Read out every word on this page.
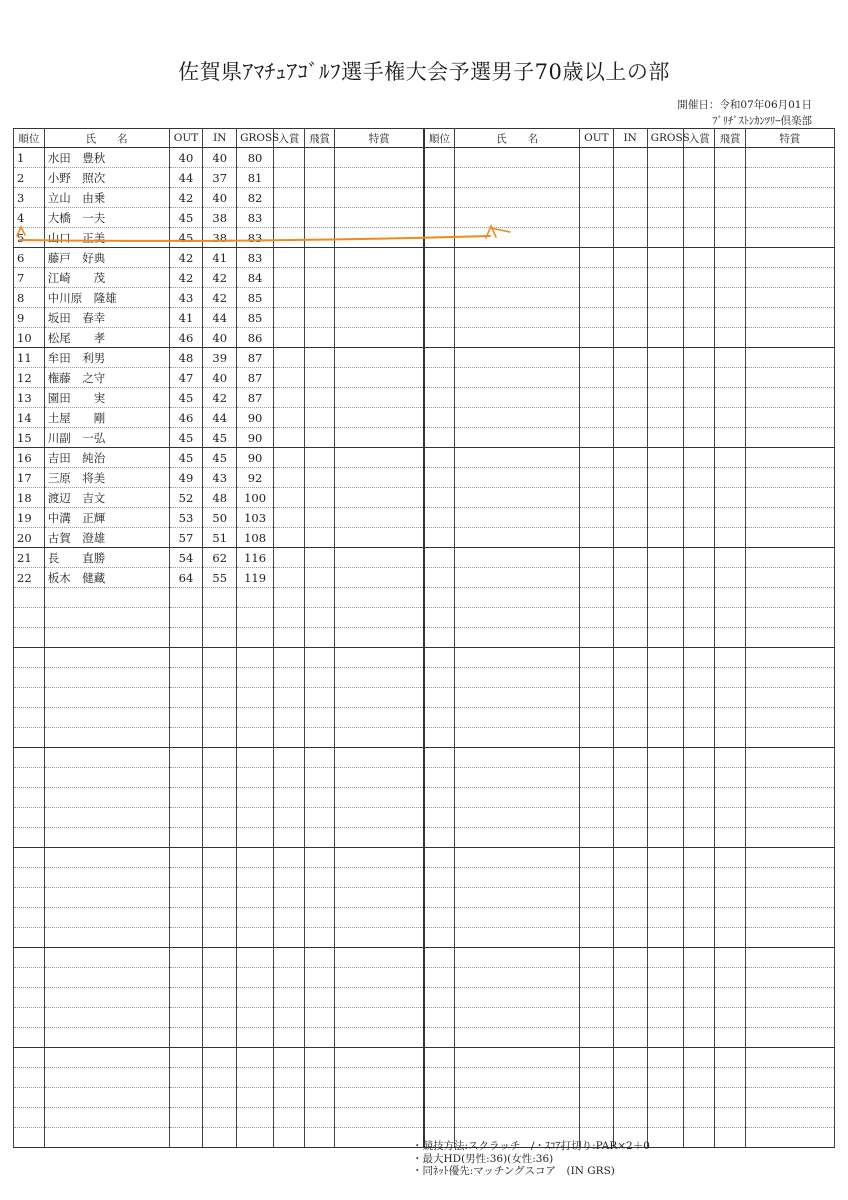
佐賀県ｱﾏﾁｭｱｺﾞﾙﾌ選手権大会予選男子70歳以上の部
開催日：令和07年06月01日
ﾌﾞﾘﾁﾞｽﾄﾝｶﾝﾂﾘｰ倶楽部
順位	氏　　名	OUT	IN	GROSS	入賞	飛賞	特賞	順位	氏　　名	OUT	IN	GROSS	入賞	飛賞	特賞
1	水田　豊秋	40	40	80											
2	小野　照次	44	37	81											
3	立山　由乗	42	40	82											
4	大橋　一夫	45	38	83											
5	山口　正美	45	38	83											
6	藤戸　好典	42	41	83											
7	江崎　　茂	42	42	84											
8	中川原　隆雄	43	42	85											
9	坂田　春幸	41	44	85											
10	松尾　　孝	46	40	86											
11	牟田　利男	48	39	87											
12	権藤　之守	47	40	87											
13	園田　　実	45	42	87											
14	土屋　　剛	46	44	90											
15	川副　一弘	45	45	90											
16	吉田　純治	45	45	90											
17	三原　将美	49	43	92											
18	渡辺　吉文	52	48	100											
19	中溝　正輝	53	50	103											
20	古賀　澄雄	57	51	108											
21	長　　直勝	54	62	116											
22	板木　健藏	64	55	119											

・競技方法:スクラッチ　/・ｽｺｱ打切り:PAR×2＋0
・最大HD(男性:36)(女性:36)
・同ﾈｯﾄ優先:マッチングスコア　(IN GRS)
